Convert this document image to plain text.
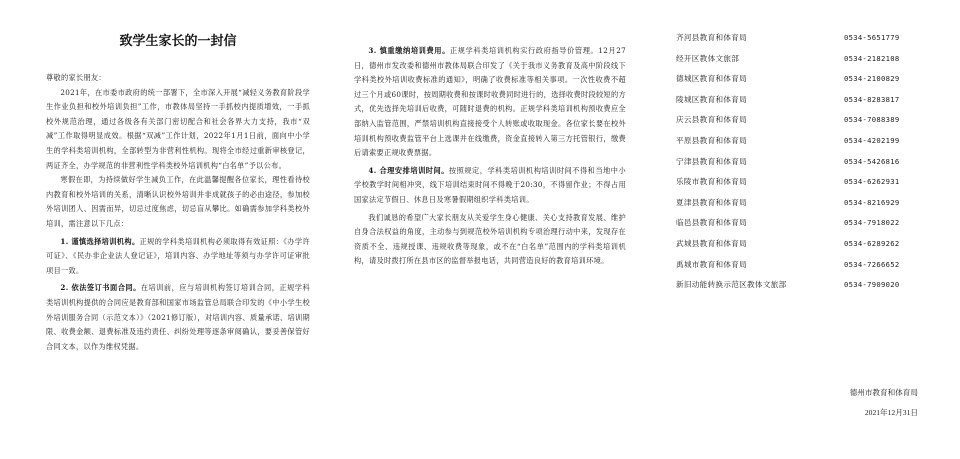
致学生家长的一封信

尊敬的家长朋友：

2021年，在市委市政府的统一部署下，全市深入开展“减轻义务教育阶段学生作业负担和校外培训负担”工作，市教体局坚持一手抓校内提质增效，一手抓校外规范治理，通过各级各有关部门密切配合和社会各界大力支持，我市“双减”工作取得明显成效。根据“双减”工作计划，2022年1月1日前，面向中小学生的学科类培训机构，全部转型为非营利性机构。现将全市经过重新审核登记，两证齐全，办学规范的非营利性学科类校外培训机构“白名单”予以公布。

寒假在即，为持续做好学生减负工作，在此温馨提醒各位家长，理性看待校内教育和校外培训的关系，清晰认识校外培训并非成就孩子的必由途径，参加校外培训团人、因需而异，切忌过度焦虑，切忌盲从攀比。如确需参加学科类校外培训，需注意以下几点：

1. 谨慎选择培训机构。正规的学科类培训机构必须取得有效证照：《办学许可证》、《民办非企业法人登记证》，培训内容、办学地址等须与办学许可证审批项目一致。

2. 依法签订书面合同。在培训前，应与培训机构签订培训合同，正规学科类培训机构提供的合同应是教育部和国家市场监管总局联合印发的《中小学生校外培训服务合同（示范文本）》（2021修订版），对培训内容、质量承诺、培训期限、收费金额、退费标准及违约责任、纠纷处理等逐条审阅确认，要妥善保管好合同文本，以作为维权凭据。

3. 慎重缴纳培训费用。正规学科类培训机构实行政府指导价管理。12月27日，德州市发改委和德州市教体局联合印发了《关于我市义务教育及高中阶段线下学科类校外培训收费标准的通知》，明确了收费标准等相关事项。一次性收费不超过三个月或60课时，按周期收费和按课时收费同时进行的，选择收费时段较短的方式，优先选择先培训后收费，可随时退费的机构。正规学科类培训机构预收费应全部纳入监管范围，严禁培训机构直接接受个人转账或收取现金。各位家长要在校外培训机构预收费监管平台上选课并在线缴费，资金直接转入第三方托管银行，缴费后请索要正规收费票据。

4. 合理安排培训时间。按照规定，学科类培训机构培训时间不得和当地中小学校教学时间相冲突，线下培训结束时间不得晚于20:30，不得留作业；不得占用国家法定节假日、休息日及寒暑假期组织学科类培训。

我们诚恳的希望广大家长朋友从关爱学生身心健康、关心支持教育发展、维护自身合法权益的角度，主动参与到规范校外培训机构专项治理行动中来，发现存在资质不全、违规授课、违规收费等现象，或不在“白名单”范围内的学科类培训机构，请及时拨打所在县市区的监督举报电话，共同营造良好的教育培训环境。

齐河县教育和体育局	0534-5651779
经开区教体文旅部	0534-2182108
德城区教育和体育局	0534-2100829
陵城区教育和体育局	0534-8283817
庆云县教育和体育局	0534-7088389
平原县教育和体育局	0534-4202199
宁津县教育和体育局	0534-5426816
乐陵市教育和体育局	0534-6262931
夏津县教育和体育局	0534-8216929
临邑县教育和体育局	0534-7918022
武城县教育和体育局	0534-6289262
禹城市教育和体育局	0534-7266652
新旧动能转换示范区教体文旅部	0534-7909020
德州市教育和体育局
2021年12月31日
